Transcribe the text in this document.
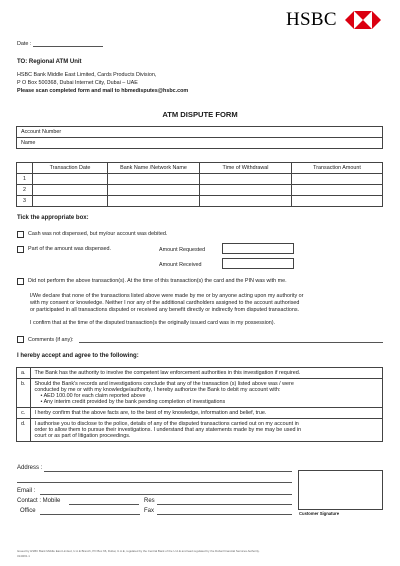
HSBC
Date :
TO: Regional ATM Unit
HSBC Bank Middle East Limited, Cards Products Division,
P O Box 500368, Dubai Internet City, Dubai – UAE
Please scan completed form and mail to hbmedisputes@hsbc.com
ATM DISPUTE FORM
Account Number
Name
	Transaction Date	Bank Name /Network Name	Time of Withdrawal	Transaction Amount
1				
2				
3				
Tick the appropriate box:
Cash was not dispensed, but my/our account was debited.
Part of the amount was dispensed.	Amount Requested
Amount Received
Did not perform the above transaction(s). At the time of this transaction(s) the card and the PIN was with me.
I/We declare that none of the transactions listed above were made by me or by anyone acting upon my authority or
with my consent or knowledge. Neither I nor any of the additional cardholders assigned to the account authorised
or participated in all transactions disputed or received any benefit directly or indirectly from disputed transactions.
I confirm that at the time of the disputed transaction(s the originally issued card was in my possession).
Comments (if any):
I hereby accept and agree to the following:
a.	The Bank has the authority to involve the competent law enforcement authorities in this investigation if required.

b.	Should the Bank's records and investigations conclude that any of the transaction (s) listed above was / were
conducted by me or with my knowledge/authority, I hereby authorize the Bank to debit my account with:
• AED 100.00 for each claim reported above
• Any interim credit provided by the bank pending completion of investigations

c.	I herby confirm that the above facts are, to the best of my knowledge, information and belief, true.

d.	I authorise you to disclose to the police, details of any of the disputed transactions carried out on my account in
order to allow them to pursue their investigations. I understand that any statements made by me may be used in
court or as part of litigation proceedings.
Address :
Email :
Contact : Mobile	Res
Office	Fax	Customer Signature
Issued by HSBC Bank Middle East Limited, U.A.E Branch, PO Box 66, Dubai, U.A.E, regulated by the Central Bank of the U.A.E and lead regulated by the Dubai Financial Services Authority.
3140/01.1
